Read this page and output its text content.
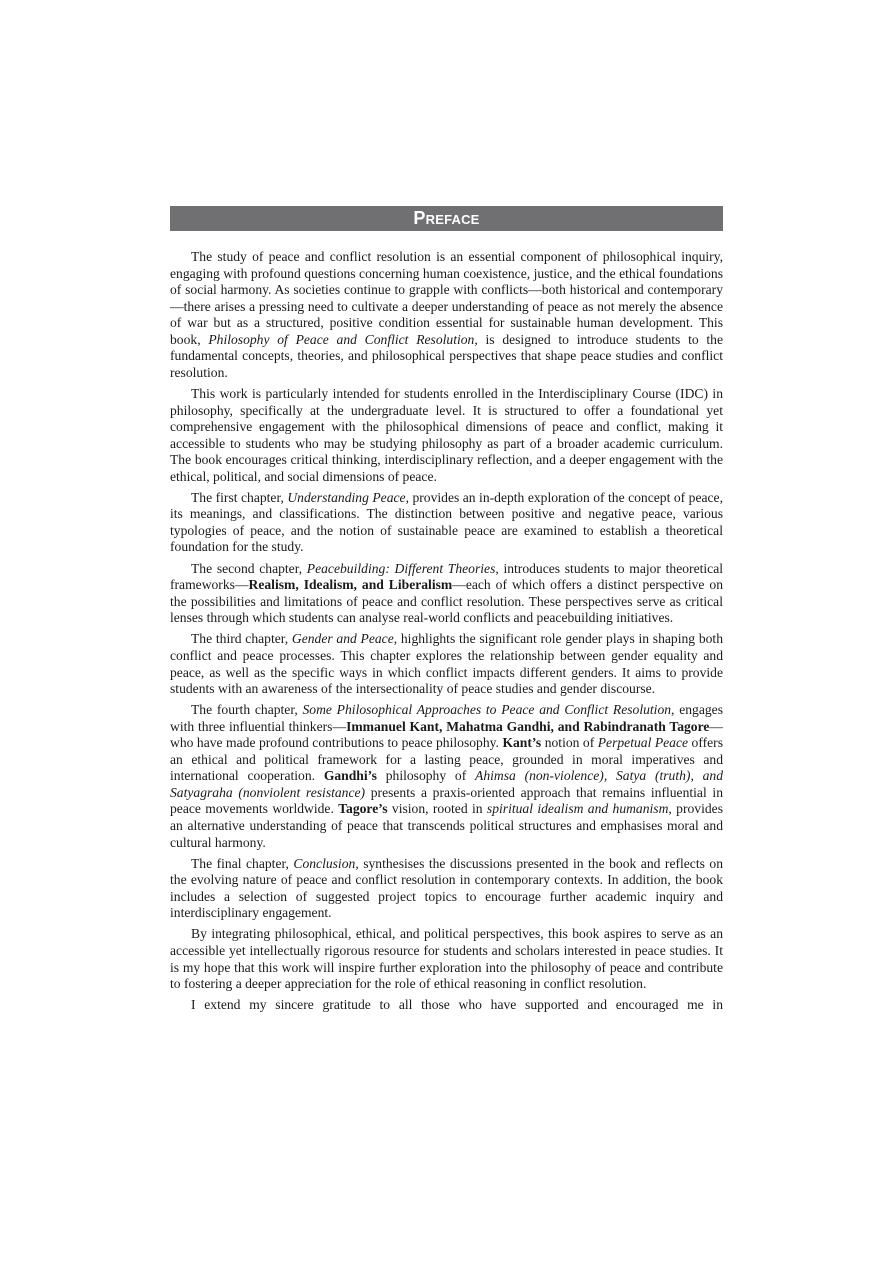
Preface

The study of peace and conflict resolution is an essential component of philosophical inquiry, engaging with profound questions concerning human coexistence, justice, and the ethical foundations of social harmony. As societies continue to grapple with conflicts—both historical and contemporary—there arises a pressing need to cultivate a deeper understanding of peace as not merely the absence of war but as a structured, positive condition essential for sustainable human development. This book, Philosophy of Peace and Conflict Resolution, is designed to introduce students to the fundamental concepts, theories, and philosophical perspectives that shape peace studies and conflict resolution.

This work is particularly intended for students enrolled in the Interdisciplinary Course (IDC) in philosophy, specifically at the undergraduate level. It is structured to offer a foundational yet comprehensive engagement with the philosophical dimensions of peace and conflict, making it accessible to students who may be studying philosophy as part of a broader academic curriculum. The book encourages critical thinking, interdisciplinary reflection, and a deeper engagement with the ethical, political, and social dimensions of peace.

The first chapter, Understanding Peace, provides an in-depth exploration of the concept of peace, its meanings, and classifications. The distinction between positive and negative peace, various typologies of peace, and the notion of sustainable peace are examined to establish a theoretical foundation for the study.

The second chapter, Peacebuilding: Different Theories, introduces students to major theoretical frameworks—Realism, Idealism, and Liberalism—each of which offers a distinct perspective on the possibilities and limitations of peace and conflict resolution. These perspectives serve as critical lenses through which students can analyse real-world conflicts and peacebuilding initiatives.

The third chapter, Gender and Peace, highlights the significant role gender plays in shaping both conflict and peace processes. This chapter explores the relationship between gender equality and peace, as well as the specific ways in which conflict impacts different genders. It aims to provide students with an awareness of the intersectionality of peace studies and gender discourse.

The fourth chapter, Some Philosophical Approaches to Peace and Conflict Resolution, engages with three influential thinkers—Immanuel Kant, Mahatma Gandhi, and Rabindranath Tagore—who have made profound contributions to peace philosophy. Kant’s notion of Perpetual Peace offers an ethical and political framework for a lasting peace, grounded in moral imperatives and international cooperation. Gandhi’s philosophy of Ahimsa (non-violence), Satya (truth), and Satyagraha (nonviolent resistance) presents a praxis-oriented approach that remains influential in peace movements worldwide. Tagore’s vision, rooted in spiritual idealism and humanism, provides an alternative understanding of peace that transcends political structures and emphasises moral and cultural harmony.

The final chapter, Conclusion, synthesises the discussions presented in the book and reflects on the evolving nature of peace and conflict resolution in contemporary contexts. In addition, the book includes a selection of suggested project topics to encourage further academic inquiry and interdisciplinary engagement.

By integrating philosophical, ethical, and political perspectives, this book aspires to serve as an accessible yet intellectually rigorous resource for students and scholars interested in peace studies. It is my hope that this work will inspire further exploration into the philosophy of peace and contribute to fostering a deeper appreciation for the role of ethical reasoning in conflict resolution.

I extend my sincere gratitude to all those who have supported and encouraged me in
